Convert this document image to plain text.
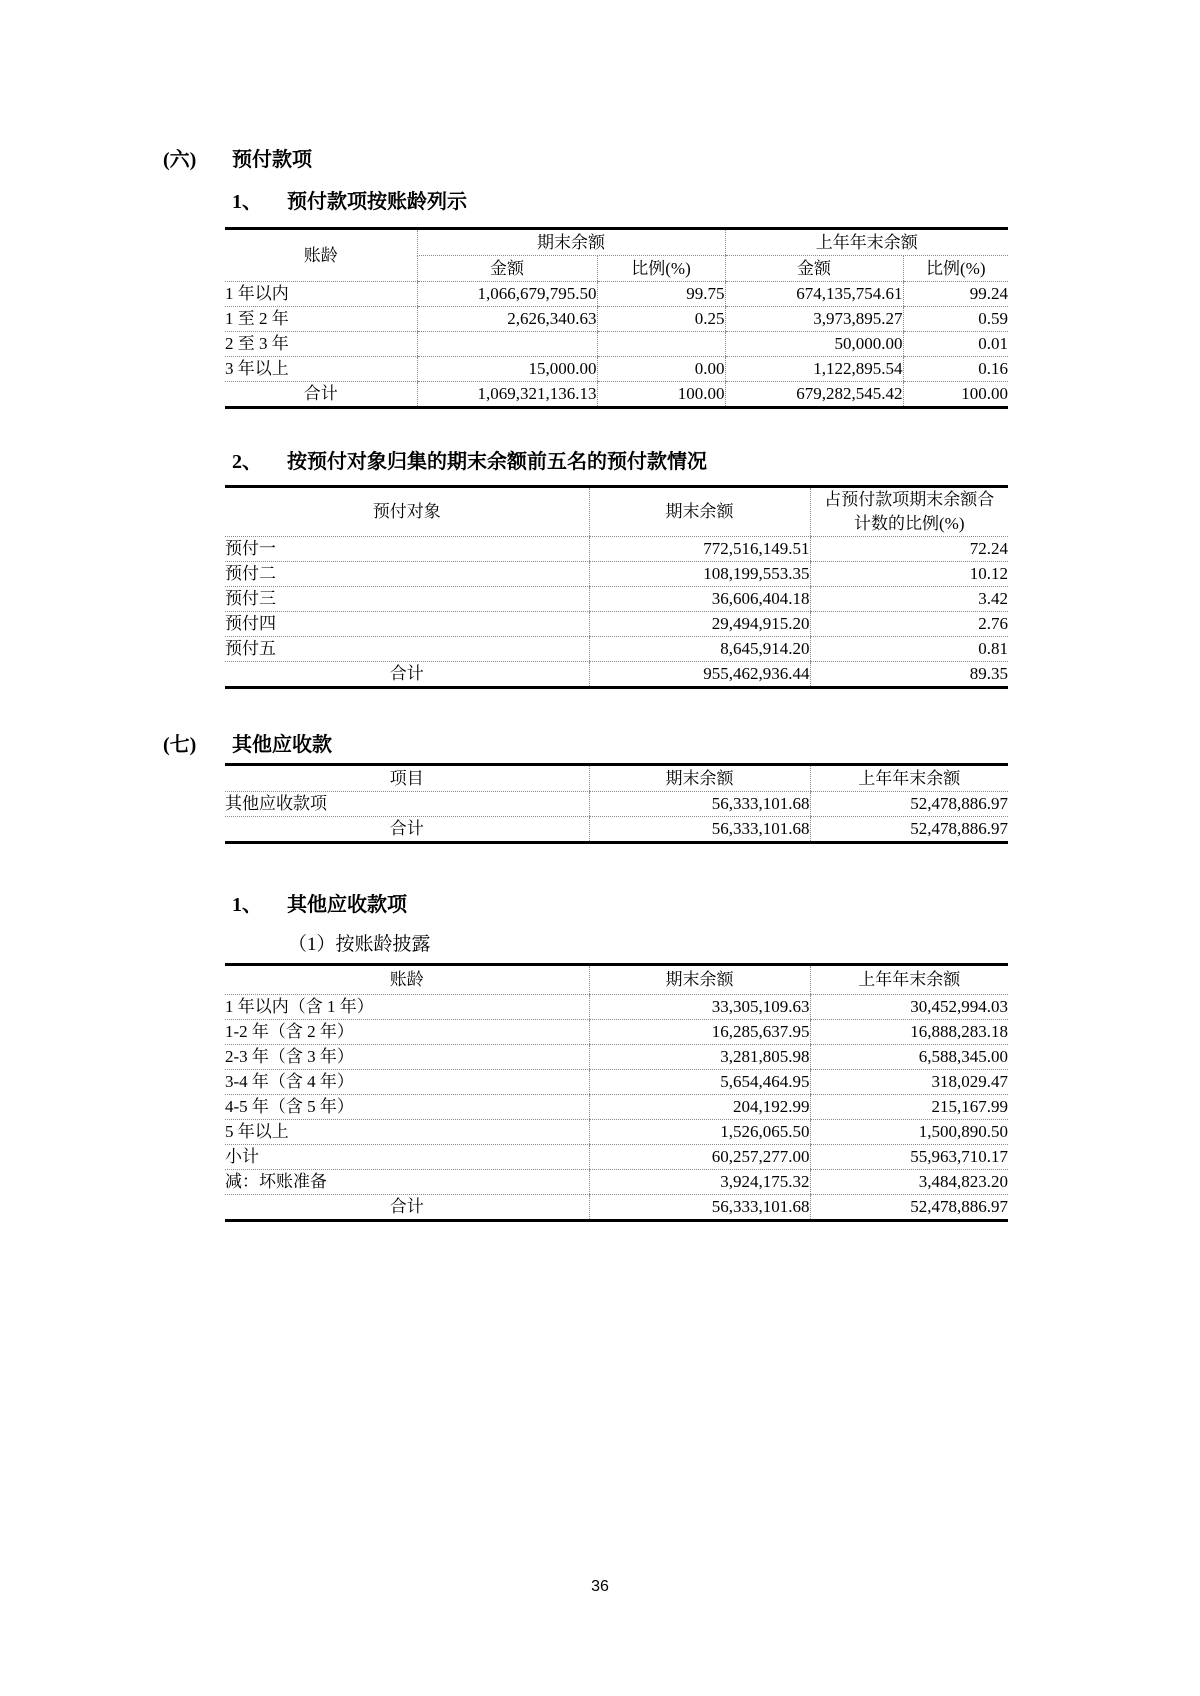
(六)	预付款项
1、	预付款项按账龄列示
账龄	期末余额		上年年末余额	
	金额	比例(%)	金额	比例(%)
1 年以内	1,066,679,795.50	99.75	674,135,754.61	99.24
1 至 2 年	2,626,340.63	0.25	3,973,895.27	0.59
2 至 3 年			50,000.00	0.01
3 年以上	15,000.00	0.00	1,122,895.54	0.16
合计	1,069,321,136.13	100.00	679,282,545.42	100.00
2、	按预付对象归集的期末余额前五名的预付款情况
预付对象	期末余额	占预付款项期末余额合
计数的比例(%)

预付一	772,516,149.51	72.24
预付二	108,199,553.35	10.12
预付三	36,606,404.18	3.42
预付四	29,494,915.20	2.76
预付五	8,645,914.20	0.81
合计	955,462,936.44	89.35
(七)	其他应收款
项目	期末余额	上年年末余额
其他应收款项	56,333,101.68	52,478,886.97
合计	56,333,101.68	52,478,886.97
1、	其他应收款项
（1） 按账龄披露
账龄	期末余额	上年年末余额
1 年以内（含 1 年）	33,305,109.63	30,452,994.03
1-2 年（含 2 年）	16,285,637.95	16,888,283.18
2-3 年（含 3 年）	3,281,805.98	6,588,345.00
3-4 年（含 4 年）	5,654,464.95	318,029.47
4-5 年（含 5 年）	204,192.99	215,167.99
5 年以上	1,526,065.50	1,500,890.50
小计	60,257,277.00	55,963,710.17
减：坏账准备	3,924,175.32	3,484,823.20
合计	56,333,101.68	52,478,886.97
36
